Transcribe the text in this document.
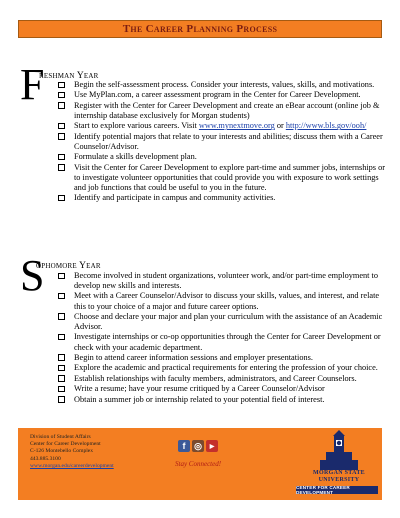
The Career Planning Process
F
reshman Year
Begin the self-assessment process. Consider your interests, values, skills, and motivations.
Use MyPlan.com, a career assessment program in the Center for Career Development.
Register with the Center for Career Development and create an eBear account (online job & internship database exclusively for Morgan students)
Start to explore various careers. Visit www.mynextmove.org or http://www.bls.gov/ooh/
Identify potential majors that relate to your interests and abilities; discuss them with a Career Counselor/Advisor.
Formulate a skills development plan.
Visit the Center for Career Development to explore part-time and summer jobs, internships or to investigate volunteer opportunities that could provide you with exposure to work settings and job functions that could be useful to you in the future.
Identify and participate in campus and community activities.
S
ophomore Year
Become involved in student organizations, volunteer work, and/or part-time employment to develop new skills and interests.
Meet with a Career Counselor/Advisor to discuss your skills, values, and interest, and relate this to your choice of a major and future career options.
Choose and declare your major and plan your curriculum with the assistance of an Academic Advisor.
Investigate internships or co-op opportunities through the Center for Career Development or check with your academic department.
Begin to attend career information sessions and employer presentations.
Explore the academic and practical requirements for entering the profession of your choice.
Establish relationships with faculty members, administrators, and Career Counselors.
Write a resume; have your resume critiqued by a Career Counselor/Advisor
Obtain a summer job or internship related to your potential field of interest.
Division of Student Affairs
Center for Career Development
C-126 Montebello Complex
443.885.3100
www.morgan.edu/careerdevelopment
f ◎	▶
Stay Connected!
MORGAN STATE
UNIVERSITY
CENTER FOR CAREER DEVELOPMENT
